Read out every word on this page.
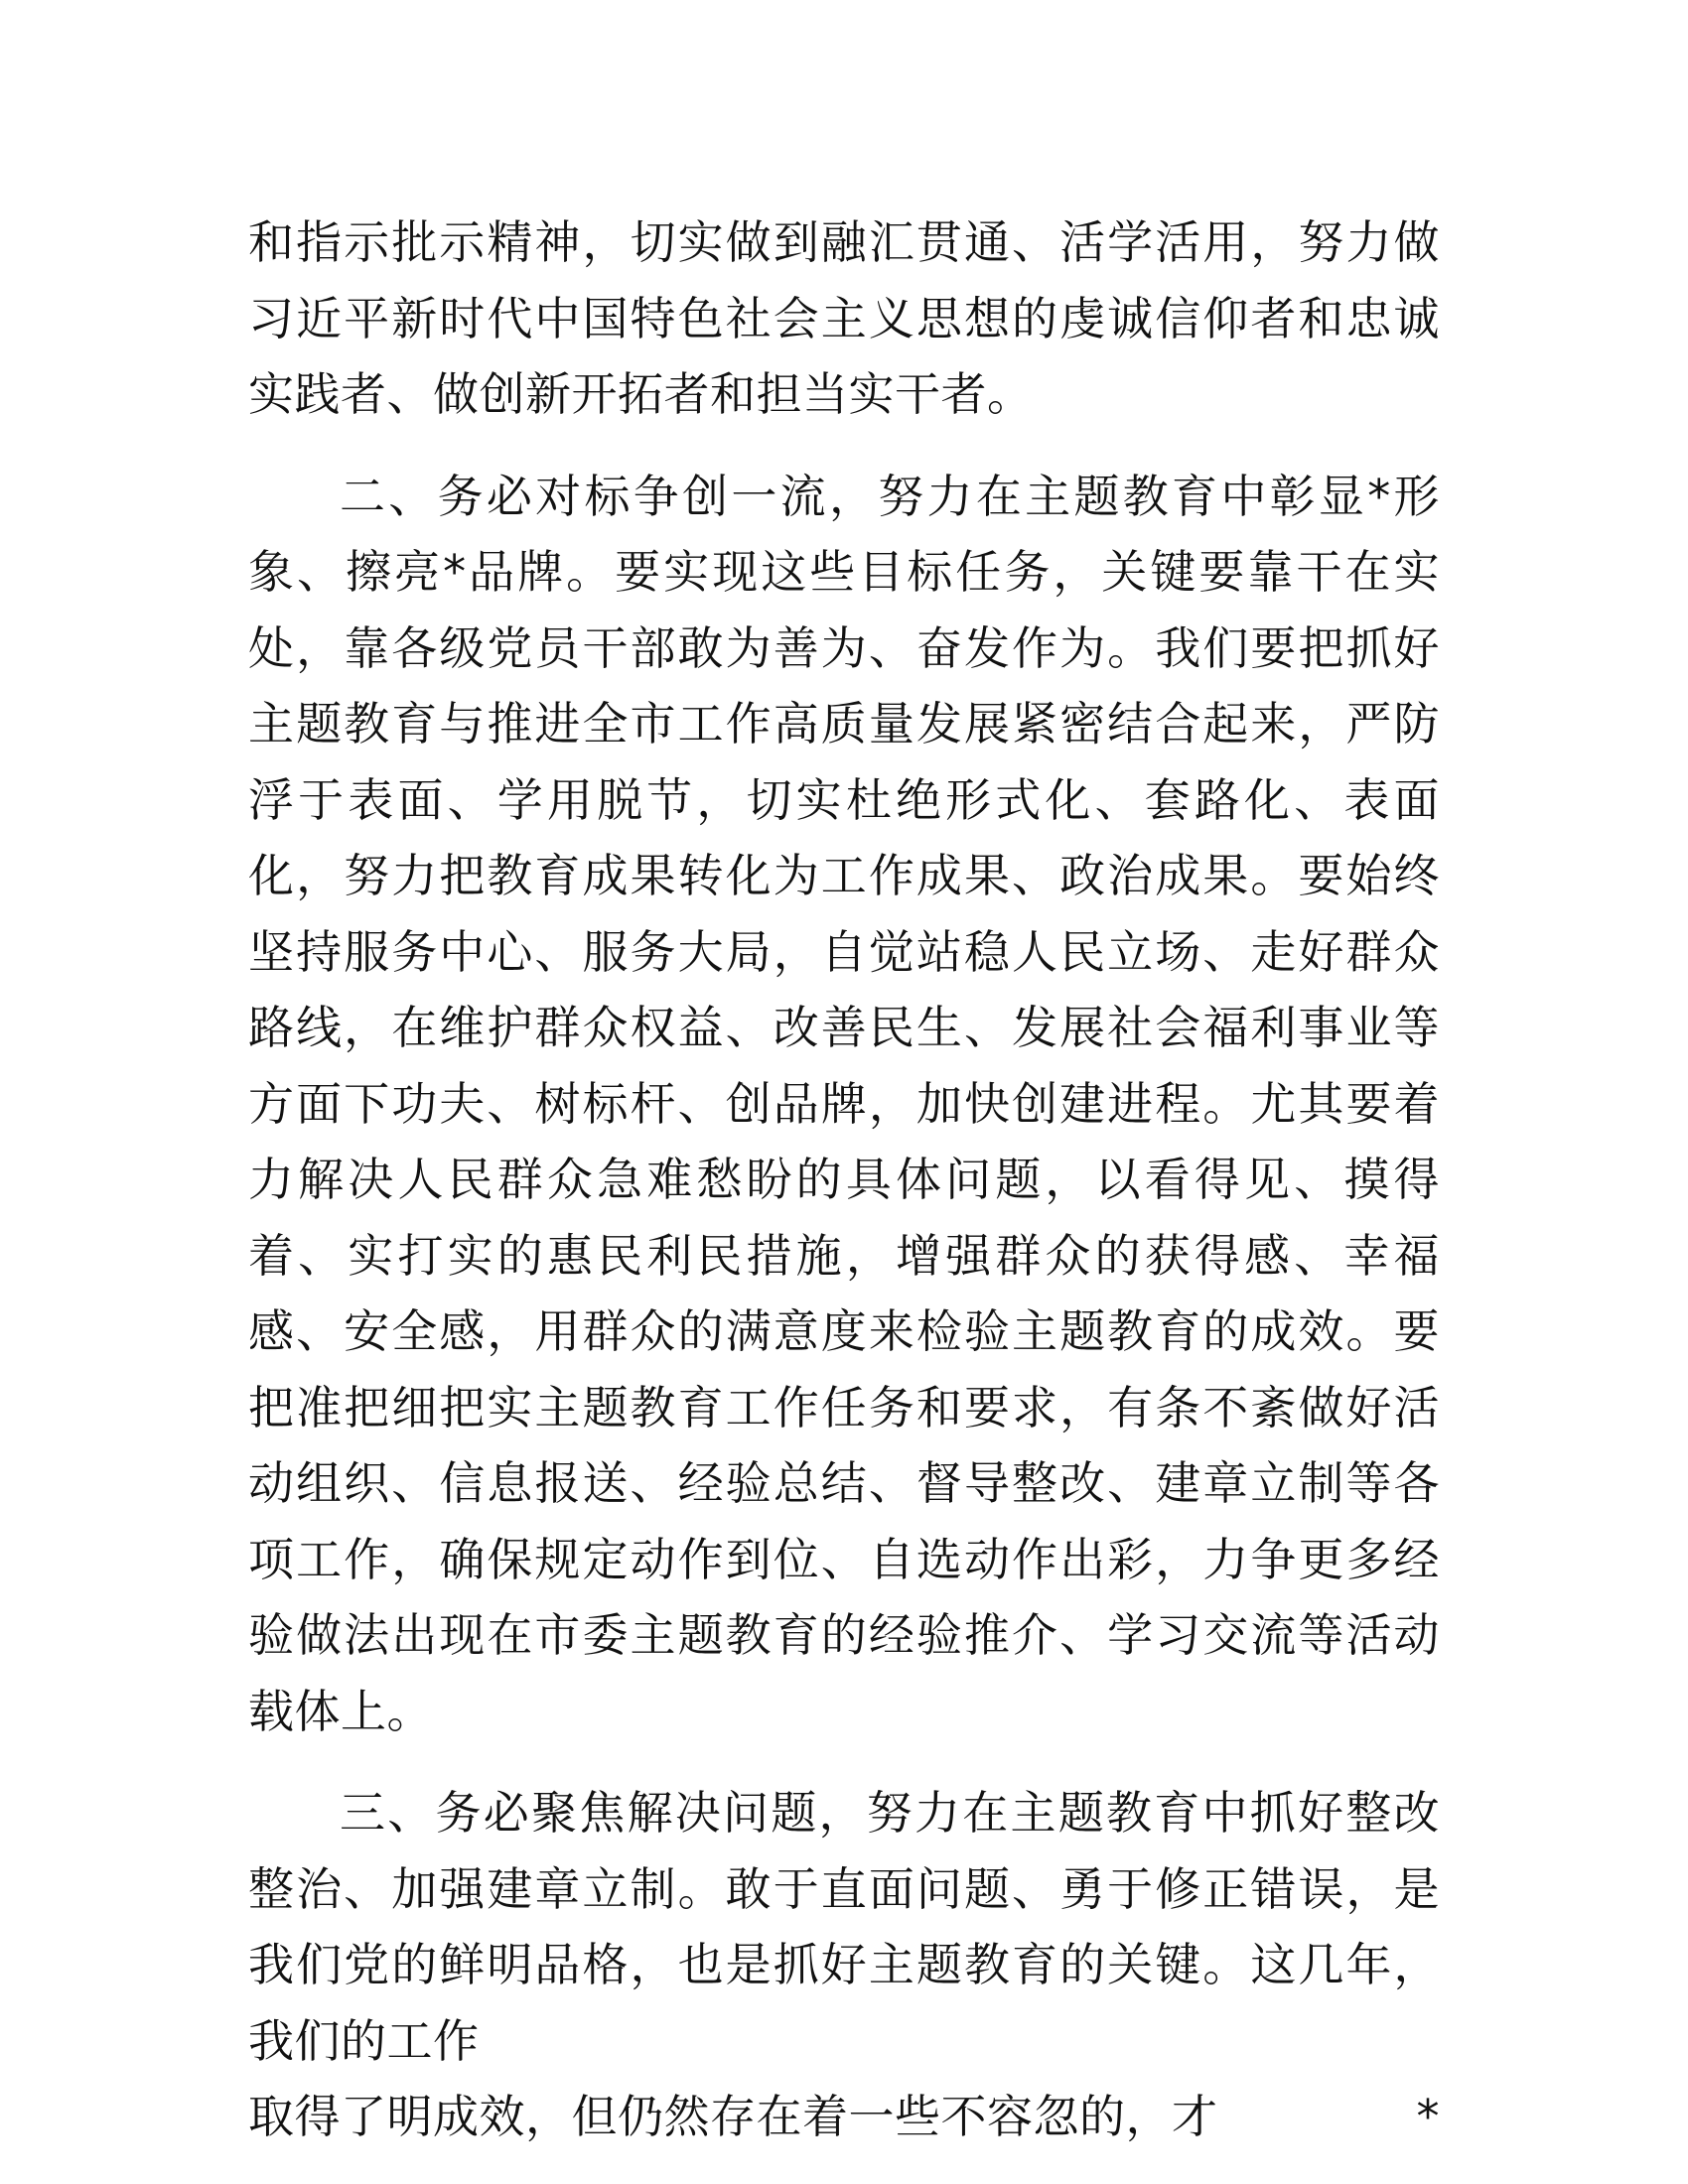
和指示批示精神，切实做到融汇贯通、活学活用，努力做习近平新时代中国特色社会主义思想的虔诚信仰者和忠诚实践者、做创新开拓者和担当实干者。

二、务必对标争创一流，努力在主题教育中彰显*形象、擦亮*品牌。要实现这些目标任务，关键要靠干在实处，靠各级党员干部敢为善为、奋发作为。我们要把抓好主题教育与推进全市工作高质量发展紧密结合起来，严防浮于表面、学用脱节，切实杜绝形式化、套路化、表面化，努力把教育成果转化为工作成果、政治成果。要始终坚持服务中心、服务大局，自觉站稳人民立场、走好群众路线，在维护群众权益、改善民生、发展社会福利事业等方面下功夫、树标杆、创品牌，加快创建进程。尤其要着力解决人民群众急难愁盼的具体问题，以看得见、摸得着、实打实的惠民利民措施，增强群众的获得感、幸福感、安全感，用群众的满意度来检验主题教育的成效。要把准把细把实主题教育工作任务和要求，有条不紊做好活动组织、信息报送、经验总结、督导整改、建章立制等各项工作，确保规定动作到位、自选动作出彩，力争更多经验做法出现在市委主题教育的经验推介、学习交流等活动载体上。

三、务必聚焦解决问题，努力在主题教育中抓好整改整治、加强建章立制。敢于直面问题、勇于修正错误，是我们党的鲜明品格，也是抓好主题教育的关键。这几年，我们的工作

取得了明成效，但仍然存在着一些不容忽的，才	*
